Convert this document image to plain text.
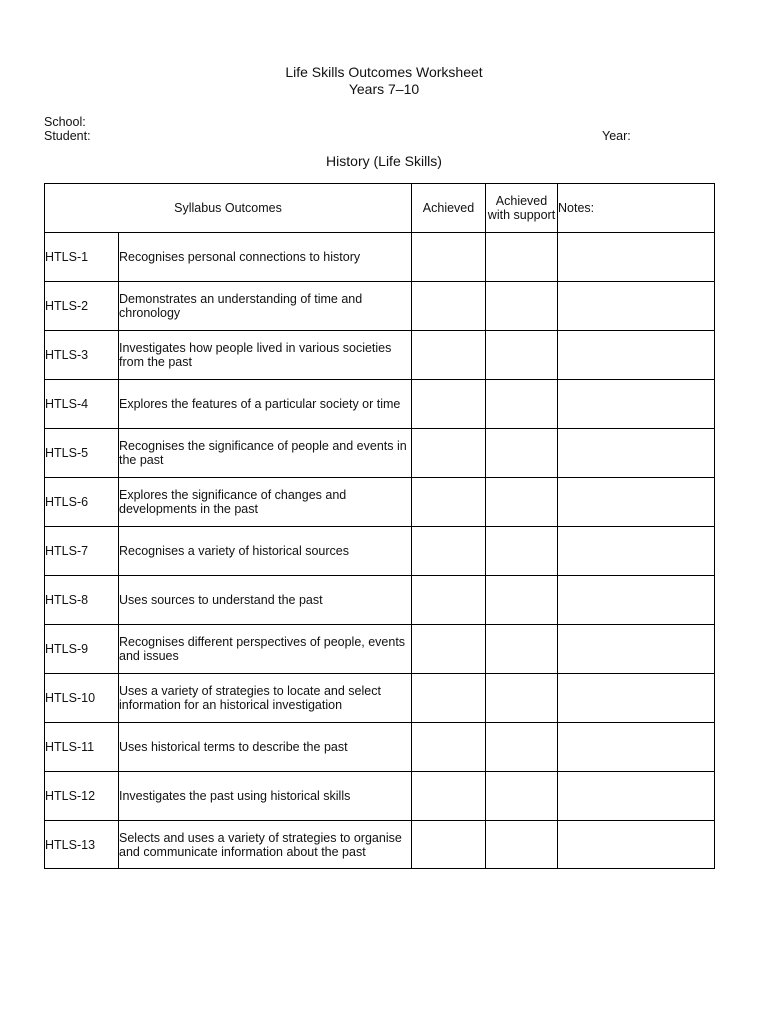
Life Skills Outcomes Worksheet
Years 7–10
School:
Student:	Year:
History (Life Skills)
Syllabus Outcomes		Achieved	Achieved with support	Notes:
HTLS-1	Recognises personal connections to history			
HTLS-2	Demonstrates an understanding of time and chronology			
HTLS-3	Investigates how people lived in various societies from the past			
HTLS-4	Explores the features of a particular society or time			
HTLS-5	Recognises the significance of people and events in the past			
HTLS-6	Explores the significance of changes and developments in the past			
HTLS-7	Recognises a variety of historical sources			
HTLS-8	Uses sources to understand the past			
HTLS-9	Recognises different perspectives of people, events and issues			
HTLS-10	Uses a variety of strategies to locate and select information for an historical investigation			
HTLS-11	Uses historical terms to describe the past			
HTLS-12	Investigates the past using historical skills			
HTLS-13	Selects and uses a variety of strategies to organise and communicate information about the past			
